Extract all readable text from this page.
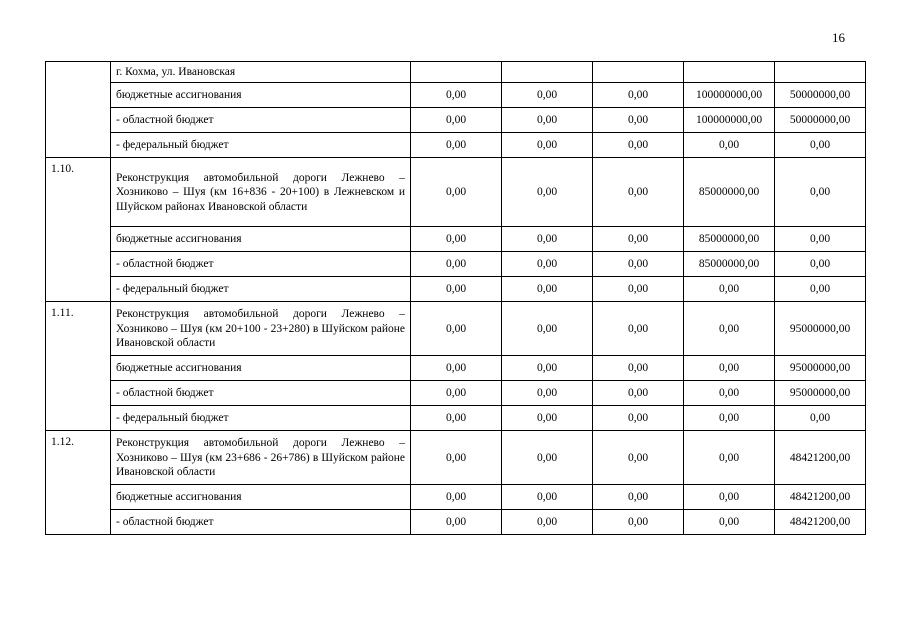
16
	г. Кохма, ул. Ивановская					
	бюджетные ассигнования	0,00	0,00	0,00	100000000,00	50000000,00
	- областной бюджет	0,00	0,00	0,00	100000000,00	50000000,00
	- федеральный бюджет	0,00	0,00	0,00	0,00	0,00
1.10.	Реконструкция автомобильной дороги Лежнево – Хозниково – Шуя (км 16+836 - 20+100) в Лежневском и Шуйском районах Ивановской области	0,00	0,00	0,00	85000000,00	0,00
	бюджетные ассигнования	0,00	0,00	0,00	85000000,00	0,00
	- областной бюджет	0,00	0,00	0,00	85000000,00	0,00
	- федеральный бюджет	0,00	0,00	0,00	0,00	0,00
1.11.	Реконструкция автомобильной дороги Лежнево – Хозниково – Шуя (км 20+100 - 23+280) в Шуйском районе Ивановской области	0,00	0,00	0,00	0,00	95000000,00
	бюджетные ассигнования	0,00	0,00	0,00	0,00	95000000,00
	- областной бюджет	0,00	0,00	0,00	0,00	95000000,00
	- федеральный бюджет	0,00	0,00	0,00	0,00	0,00
1.12.	Реконструкция автомобильной дороги Лежнево – Хозниково – Шуя (км 23+686 - 26+786) в Шуйском районе Ивановской области	0,00	0,00	0,00	0,00	48421200,00
	бюджетные ассигнования	0,00	0,00	0,00	0,00	48421200,00
	- областной бюджет	0,00	0,00	0,00	0,00	48421200,00
